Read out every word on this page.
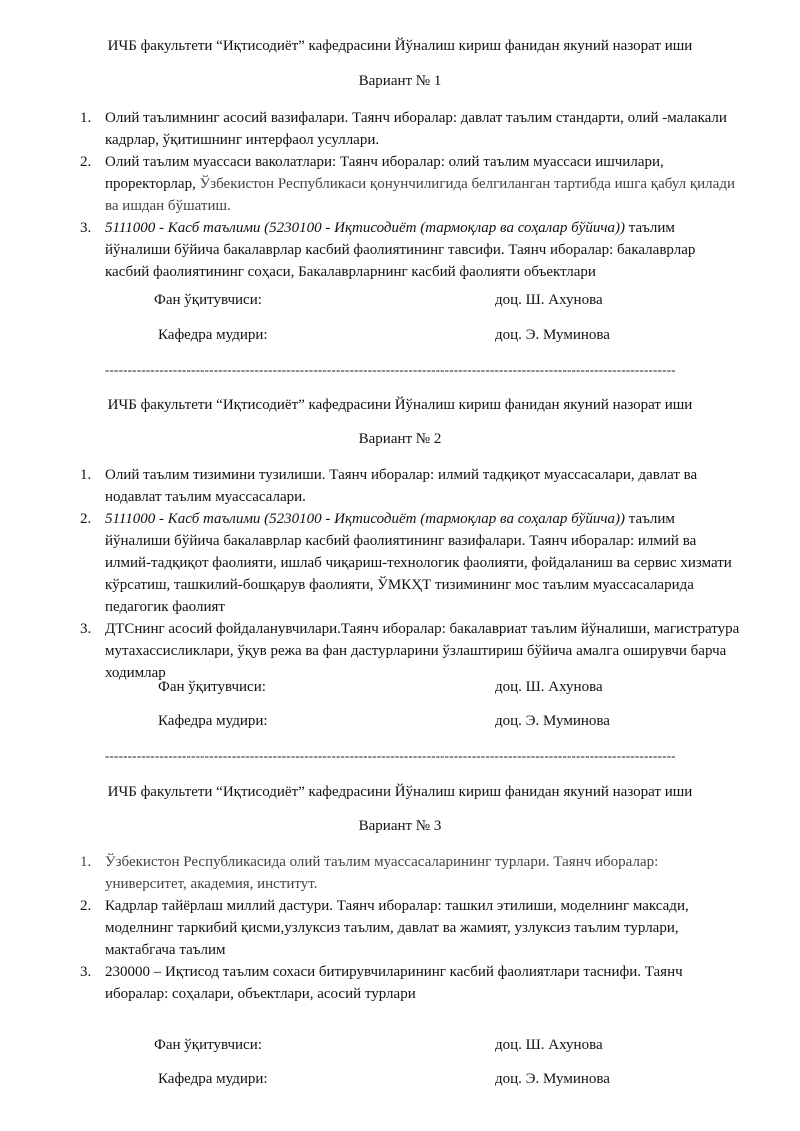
ИЧБ факультети “Иқтисодиёт” кафедрасини Йўналиш кириш фанидан якуний назорат иши
Вариант № 1
1. Олий таълимнинг асосий вазифалари. Таянч иборалар: давлат таълим стандарти, олий -малакали кадрлар, ўқитишнинг интерфаол усуллари.
2. Олий таълим муассаси ваколатлари: Таянч иборалар: олий таълим муассаси ишчилари, проректорлар, Ўзбекистон Республикаси қонунчилигида белгиланган тартибда ишга қабул қилади ва ишдан бўшатиш.
3. 5111000 - Касб таълими (5230100 - Иқтисодиёт (тармоқлар ва соҳалар бўйича)) таълим йўналиши бўйича бакалаврлар касбий фаолиятининг тавсифи. Таянч иборалар: бакалаврлар касбий фаолиятининг соҳаси, Бакалаврларнинг касбий фаолияти объектлари
Фан ўқитувчиси:	доц. Ш. Ахунова
Кафедра мудири:	доц. Э. Муминова
------------------------------------------------------------------------------------------------------------------------------
ИЧБ факультети “Иқтисодиёт” кафедрасини Йўналиш кириш фанидан якуний назорат иши
Вариант № 2
1. Олий таълим тизимини тузилиши. Таянч иборалар: илмий тадқиқот муассасалари, давлат ва нодавлат таълим муассасалари.
2. 5111000 - Касб таълими (5230100 - Иқтисодиёт (тармоқлар ва соҳалар бўйича)) таълим йўналиши бўйича бакалаврлар касбий фаолиятининг вазифалари. Таянч иборалар: илмий ва илмий-тадқиқот фаолияти, ишлаб чиқариш-технологик фаолияти, фойдаланиш ва сервис хизмати кўрсатиш, ташкилий-бошқарув фаолияти, ЎМКҲТ тизимининг мос таълим муассасаларида педагогик фаолият
3. ДТСнинг асосий фойдаланувчилари.Таянч иборалар: бакалавриат таълим йўналиши, магистратура мутахассисликлари, ўқув режа ва фан дастурларини ўзлаштириш бўйича амалга оширувчи барча ходимлар
Фан ўқитувчиси:	доц. Ш. Ахунова
Кафедра мудири:	доц. Э. Муминова
------------------------------------------------------------------------------------------------------------------------------
ИЧБ факультети “Иқтисодиёт” кафедрасини Йўналиш кириш фанидан якуний назорат иши
Вариант № 3
1. Ўзбекистон Республикасида олий таълим муассасаларининг турлари. Таянч иборалар: университет, академия, институт.
2. Кадрлар тайёрлаш миллий дастури. Таянч иборалар: ташкил этилиши, моделнинг максади, моделнинг таркибий қисми,узлуксиз таълим, давлат ва жамият, узлуксиз таълим турлари, мактабгача таълим
3. 230000 – Иқтисод таълим сохаси битирувчиларининг касбий фаолиятлари таснифи. Таянч иборалар: соҳалари, объектлари, асосий турлари
Фан ўқитувчиси:	доц. Ш. Ахунова
Кафедра мудири:	доц. Э. Муминова
